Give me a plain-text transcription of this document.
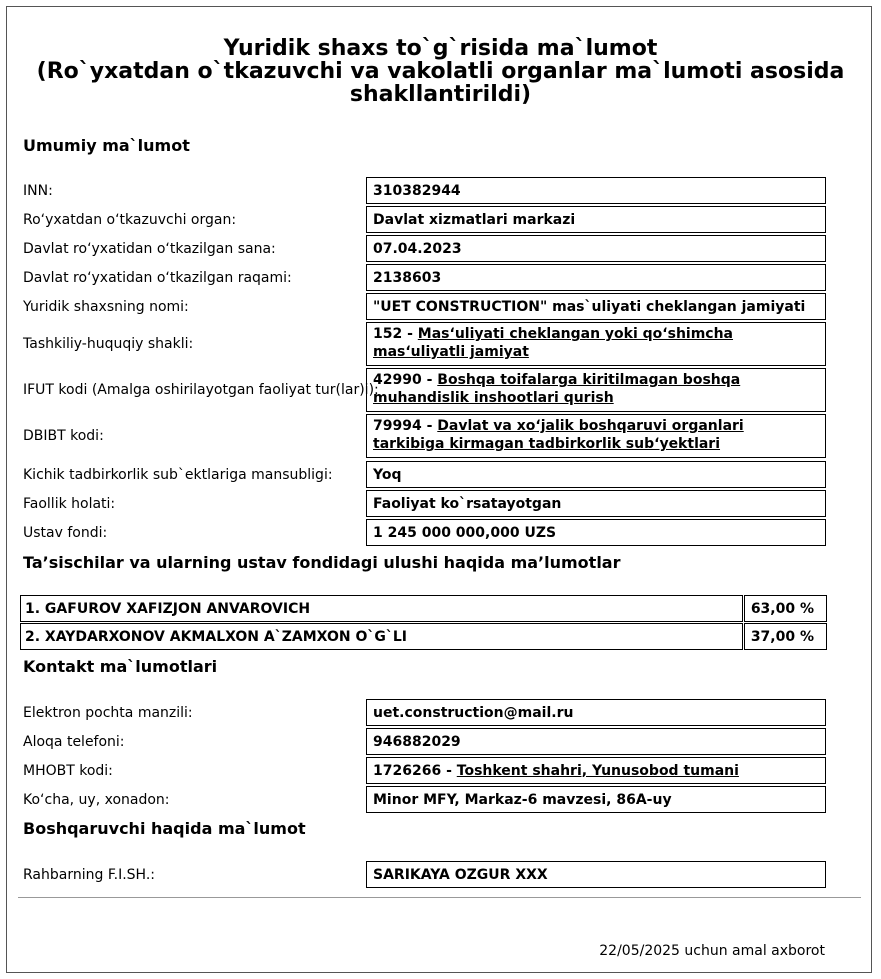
Yuridik shaxs to`g`risida ma`lumot
(Ro`yxatdan o`tkazuvchi va vakolatli organlar ma`lumoti asosida
shakllantirildi)
Umumiy ma`lumot
INN:	310382944
Ro‘yxatdan o‘tkazuvchi organ:	Davlat xizmatlari markazi
Davlat ro‘yxatidan o‘tkazilgan sana:	07.04.2023
Davlat ro‘yxatidan o‘tkazilgan raqami:	2138603
Yuridik shaxsning nomi:	"UET CONSTRUCTION" mas`uliyati cheklangan jamiyati
Tashkiliy-huquqiy shakli:
152 - Mas‘uliyati cheklangan yoki qo‘shimcha mas‘uliyatli jamiyat
IFUT kodi (Amalga oshirilayotgan faoliyat tur(lar)i):
42990 - Boshqa toifalarga kiritilmagan boshqa muhandislik inshootlari qurish
DBIBT kodi:
79994 - Davlat va xo‘jalik boshqaruvi organlari tarkibiga kirmagan tadbirkorlik sub‘yektlari
Kichik tadbirkorlik sub`ektlariga mansubligi:	Yoq
Faollik holati:	Faoliyat ko`rsatayotgan
Ustav fondi:	1 245 000 000,000 UZS
Ta’sischilar va ularning ustav fondidagi ulushi haqida ma’lumotlar
1. GAFUROV XAFIZJON ANVAROVICH	63,00 %
2. XAYDARXONOV AKMALXON A`ZAMXON O`G`LI	37,00 %
Kontakt ma`lumotlari
Elektron pochta manzili:	uet.construction@mail.ru
Aloqa telefoni:	946882029
MHOBT kodi:	1726266 - Toshkent shahri, Yunusobod tumani
Ko‘cha, uy, xonadon:	Minor MFY, Markaz-6 mavzesi, 86A-uy
Boshqaruvchi haqida ma`lumot
Rahbarning F.I.SH.:	SARIKAYA OZGUR XXX
22/05/2025 uchun amal axborot
